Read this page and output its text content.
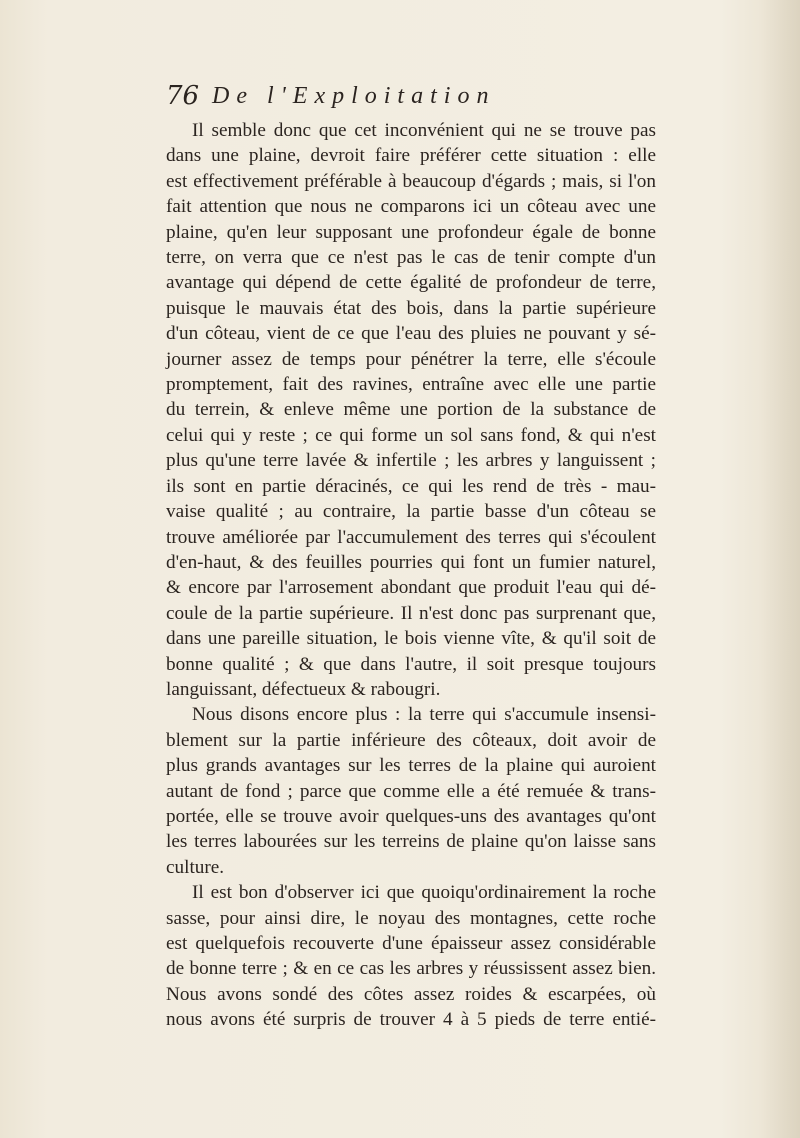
76 De l'Exploitation
Il semble donc que cet inconvénient qui ne se trouve pas
dans une plaine, devroit faire préférer cette situation : elle
est effectivement préférable à beaucoup d'égards ; mais, si l'on
fait attention que nous ne comparons ici un côteau avec une
plaine, qu'en leur supposant une profondeur égale de bonne
terre, on verra que ce n'est pas le cas de tenir compte d'un
avantage qui dépend de cette égalité de profondeur de terre,
puisque le mauvais état des bois, dans la partie supérieure
d'un côteau, vient de ce que l'eau des pluies ne pouvant y sé-
journer assez de temps pour pénétrer la terre, elle s'écoule
promptement, fait des ravines, entraîne avec elle une partie
du terrein, & enleve même une portion de la substance de
celui qui y reste ; ce qui forme un sol sans fond, & qui n'est
plus qu'une terre lavée & infertile ; les arbres y languissent ;
ils sont en partie déracinés, ce qui les rend de très - mau-
vaise qualité ; au contraire, la partie basse d'un côteau se
trouve améliorée par l'accumulement des terres qui s'écoulent
d'en-haut, & des feuilles pourries qui font un fumier naturel,
& encore par l'arrosement abondant que produit l'eau qui dé-
coule de la partie supérieure. Il n'est donc pas surprenant que,
dans une pareille situation, le bois vienne vîte, & qu'il soit de
bonne qualité ; & que dans l'autre, il soit presque toujours
languissant, défectueux & rabougri.
Nous disons encore plus : la terre qui s'accumule insensi-
blement sur la partie inférieure des côteaux, doit avoir de
plus grands avantages sur les terres de la plaine qui auroient
autant de fond ; parce que comme elle a été remuée & trans-
portée, elle se trouve avoir quelques-uns des avantages qu'ont
les terres labourées sur les terreins de plaine qu'on laisse sans
culture.
Il est bon d'observer ici que quoiqu'ordinairement la roche
sasse, pour ainsi dire, le noyau des montagnes, cette roche
est quelquefois recouverte d'une épaisseur assez considérable
de bonne terre ; & en ce cas les arbres y réussissent assez bien.
Nous avons sondé des côtes assez roides & escarpées, où
nous avons été surpris de trouver 4 à 5 pieds de terre entié-
